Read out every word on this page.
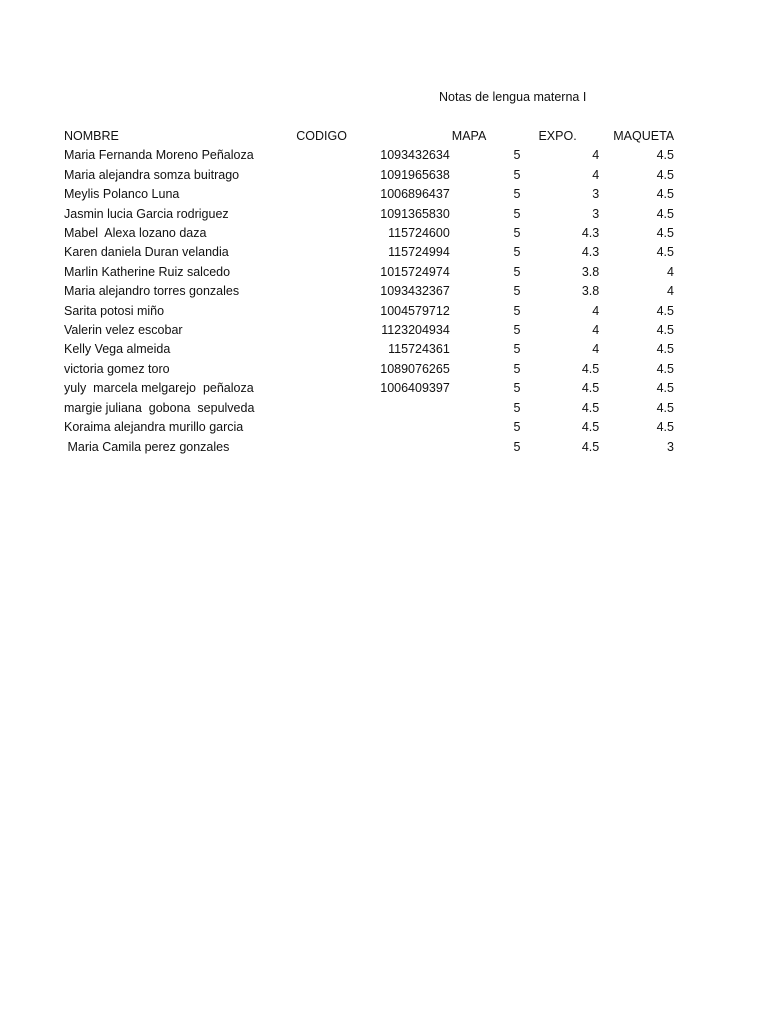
Notas de lengua materna I
NOMBRE	CODIGO	MAPA	EXPO.	MAQUETA
Maria Fernanda Moreno Peñaloza	1093432634	5	4	4.5
Maria alejandra somza buitrago	1091965638	5	4	4.5
Meylis Polanco Luna	1006896437	5	3	4.5
Jasmin lucia Garcia rodriguez	1091365830	5	3	4.5
Mabel  Alexa lozano daza	115724600	5	4.3	4.5
Karen daniela Duran velandia	115724994	5	4.3	4.5
Marlin Katherine Ruiz salcedo	1015724974	5	3.8	4
Maria alejandro torres gonzales	1093432367	5	3.8	4
Sarita potosi miño	1004579712	5	4	4.5
Valerin velez escobar	1123204934	5	4	4.5
Kelly Vega almeida	115724361	5	4	4.5
victoria gomez toro	1089076265	5	4.5	4.5
yuly  marcela melgarejo  peñaloza	1006409397	5	4.5	4.5
margie juliana  gobona  sepulveda		5	4.5	4.5
Koraima alejandra murillo garcia		5	4.5	4.5
Maria Camila perez gonzales		5	4.5	3
